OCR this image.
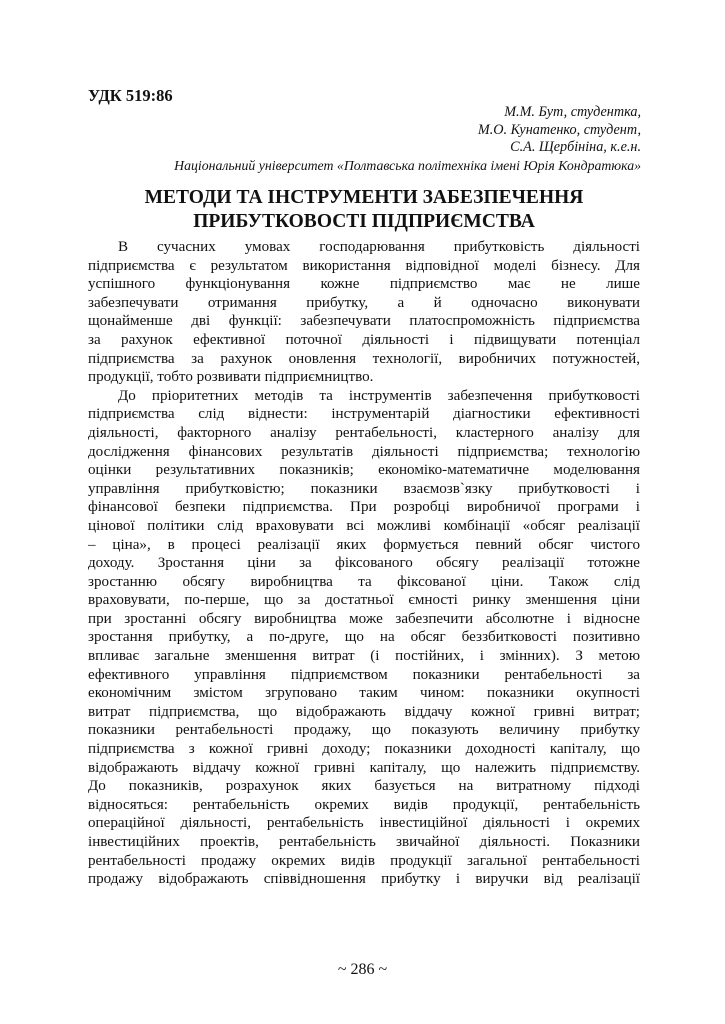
УДК 519:86
М.М. Бут, студентка,
М.О. Кунатенко, студент,
С.А. Щербініна, к.е.н.
Національний університет «Полтавська політехніка імені Юрія Кондратюка»
МЕТОДИ ТА ІНСТРУМЕНТИ ЗАБЕЗПЕЧЕННЯ
ПРИБУТКОВОСТІ ПІДПРИЄМСТВА
В сучасних умовах господарювання прибутковість діяльності
підприємства є результатом використання відповідної моделі бізнесу. Для
успішного функціонування кожне підприємство має не лише
забезпечувати отримання прибутку, а й одночасно виконувати
щонайменше дві функції: забезпечувати платоспроможність підприємства
за рахунок ефективної поточної діяльності і підвищувати потенціал
підприємства за рахунок оновлення технології, виробничих потужностей,
продукції, тобто розвивати підприємництво.
До пріоритетних методів та інструментів забезпечення прибутковості
підприємства слід віднести: інструментарій діагностики ефективності
діяльності, факторного аналізу рентабельності, кластерного аналізу для
дослідження фінансових результатів діяльності підприємства; технологію
оцінки результативних показників; економіко-математичне моделювання
управління прибутковістю; показники взаємозв`язку прибутковості і
фінансової безпеки підприємства. При розробці виробничої програми і
цінової політики слід враховувати всі можливі комбінації «обсяг реалізації
– ціна», в процесі реалізації яких формується певний обсяг чистого
доходу. Зростання ціни за фіксованого обсягу реалізації тотожне
зростанню обсягу виробництва та фіксованої ціни. Також слід
враховувати, по-перше, що за достатньої ємності ринку зменшення ціни
при зростанні обсягу виробництва може забезпечити абсолютне і відносне
зростання прибутку, а по-друге, що на обсяг беззбитковості позитивно
впливає загальне зменшення витрат (і постійних, і змінних). З метою
ефективного управління підприємством показники рентабельності за
економічним змістом згруповано таким чином: показники окупності
витрат підприємства, що відображають віддачу кожної гривні витрат;
показники рентабельності продажу, що показують величину прибутку
підприємства з кожної гривні доходу; показники доходності капіталу, що
відображають віддачу кожної гривні капіталу, що належить підприємству.
До показників, розрахунок яких базується на витратному підході
відносяться: рентабельність окремих видів продукції, рентабельність
операційної діяльності, рентабельність інвестиційної діяльності і окремих
інвестиційних проектів, рентабельність звичайної діяльності. Показники
рентабельності продажу окремих видів продукції загальної рентабельності
продажу відображають співвідношення прибутку і виручки від реалізації
~ 286 ~
